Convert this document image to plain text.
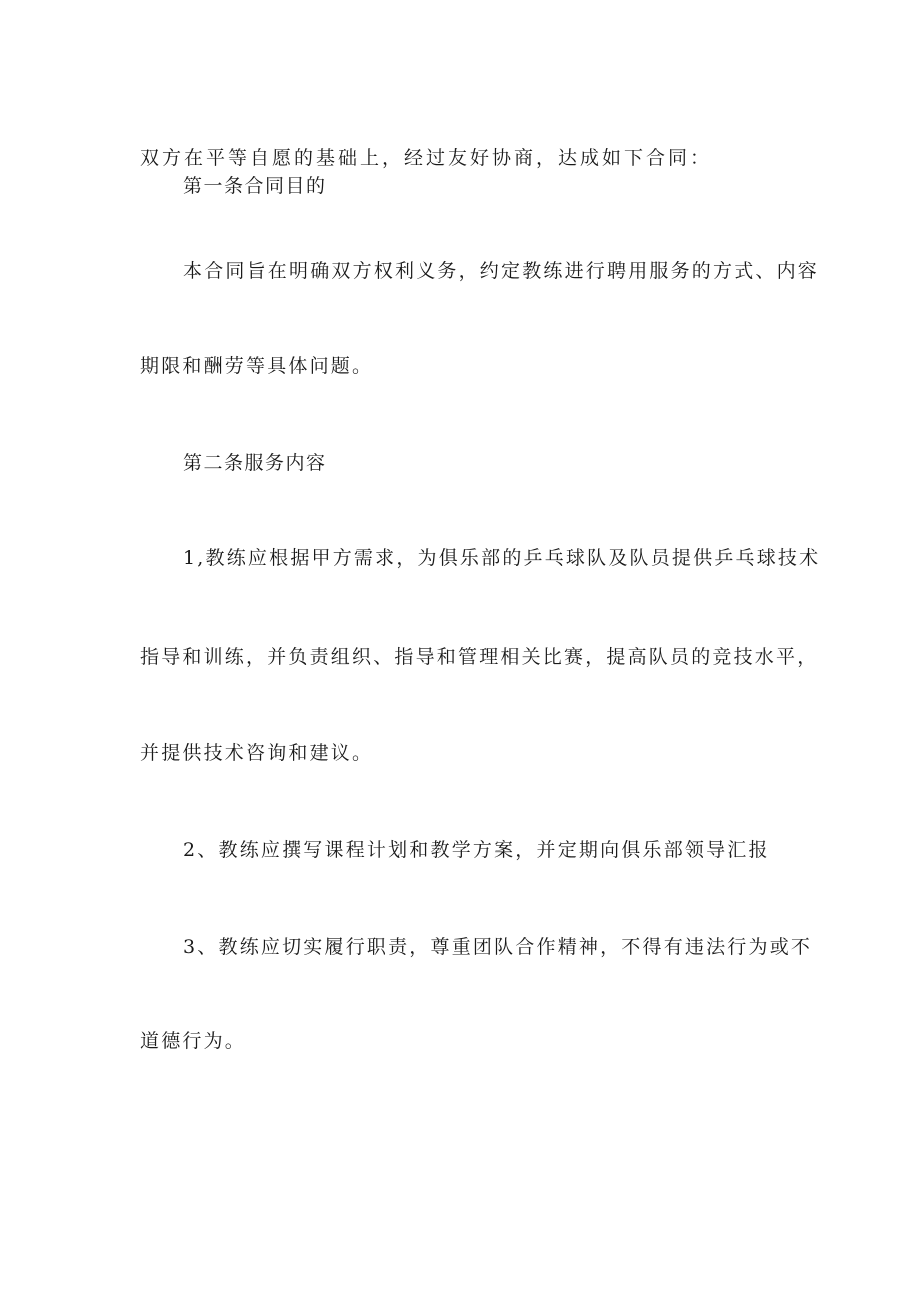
双方在平等自愿的基础上，经过友好协商，达成如下合同：

第一条合同目的

本合同旨在明确双方权利义务，约定教练进行聘用服务的方式、内容

期限和酬劳等具体问题。

第二条服务内容

1,教练应根据甲方需求，为俱乐部的乒乓球队及队员提供乒乓球技术

指导和训练，并负责组织、指导和管理相关比赛，提高队员的竞技水平，

并提供技术咨询和建议。

2、教练应撰写课程计划和教学方案，并定期向俱乐部领导汇报

3、教练应切实履行职责，尊重团队合作精神，不得有违法行为或不

道德行为。
